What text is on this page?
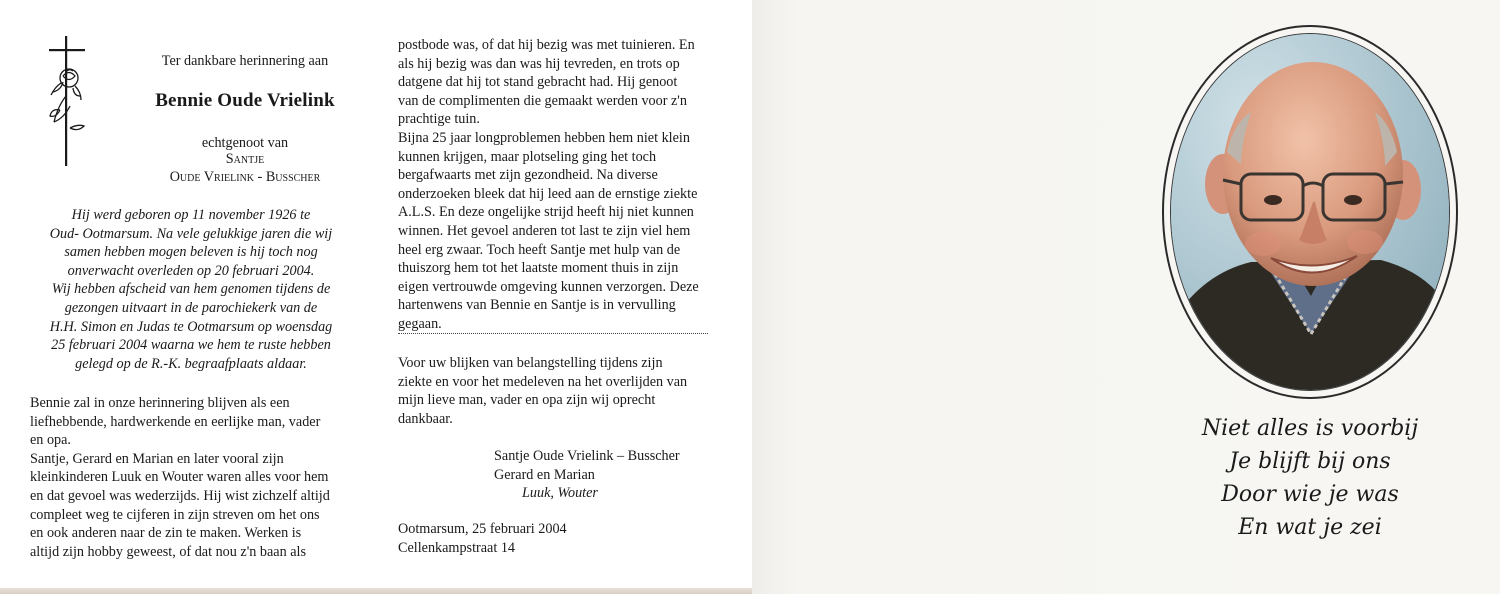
Ter dankbare herinnering aan
Bennie Oude Vrielink
echtgenoot van
Santje
Oude Vrielink - Busscher
Hij werd geboren op 11 november 1926 te
Oud- Ootmarsum. Na vele gelukkige jaren die wij
samen hebben mogen beleven is hij toch nog
onverwacht overleden op 20 februari 2004.
Wij hebben afscheid van hem genomen tijdens de
gezongen uitvaart in de parochiekerk van de
H.H. Simon en Judas te Ootmarsum op woensdag
25 februari 2004 waarna we hem te ruste hebben
gelegd op de R.-K. begraafplaats aldaar.
Bennie zal in onze herinnering blijven als een
liefhebbende, hardwerkende en eerlijke man, vader
en opa.
Santje, Gerard en Marian en later vooral zijn
kleinkinderen Luuk en Wouter waren alles voor hem
en dat gevoel was wederzijds. Hij wist zichzelf altijd
compleet weg te cijferen in zijn streven om het ons
en ook anderen naar de zin te maken. Werken is
altijd zijn hobby geweest, of dat nou z'n baan als
postbode was, of dat hij bezig was met tuinieren. En
als hij bezig was dan was hij tevreden, en trots op
datgene dat hij tot stand gebracht had. Hij genoot
van de complimenten die gemaakt werden voor z'n
prachtige tuin.
Bijna 25 jaar longproblemen hebben hem niet klein
kunnen krijgen, maar plotseling ging het toch
bergafwaarts met zijn gezondheid. Na diverse
onderzoeken bleek dat hij leed aan de ernstige ziekte
A.L.S. En deze ongelijke strijd heeft hij niet kunnen
winnen. Het gevoel anderen tot last te zijn viel hem
heel erg zwaar. Toch heeft Santje met hulp van de
thuiszorg hem tot het laatste moment thuis in zijn
eigen vertrouwde omgeving kunnen verzorgen. Deze
hartenwens van Bennie en Santje is in vervulling
gegaan.
Voor uw blijken van belangstelling tijdens zijn
ziekte en voor het medeleven na het overlijden van
mijn lieve man, vader en opa zijn wij oprecht
dankbaar.
Santje Oude Vrielink – Busscher
Gerard en Marian
Luuk, Wouter
Ootmarsum, 25 februari 2004
Cellenkampstraat 14
Niet alles is voorbij
Je blijft bij ons
Door wie je was
En wat je zei
